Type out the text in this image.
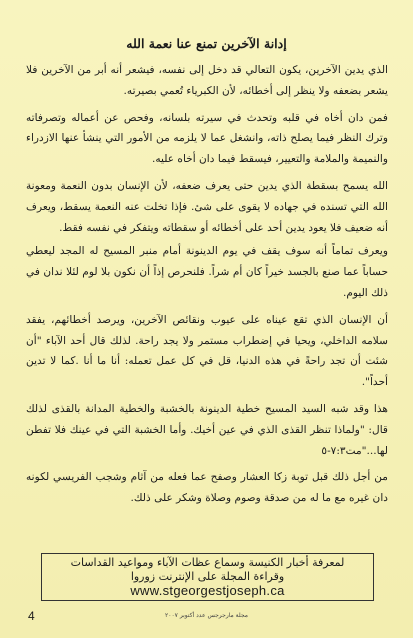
إدانة الآخرين تمنع عنا نعمة الله

الذي يدين الآخرين، يكون التعالي قد دخل إلى نفسه، فيشعر أنه أبر من الآخرين فلا يشعر بضعفه ولا ينظر إلى أخطائه، لأن الكبرياء تُعمي بصيرته.

فمن دان أخاه في قلبه وتحدث في سيرته بلسانه، وفحص عن أعماله وتصرفاته وترك النظر فيما يصلح ذاته، وانشغل عما لا يلزمه من الأمور التي ينشأ عنها الازدراء والنميمة والملامة والتعيير، فيسقط فيما دان أخاه عليه.

الله يسمح بسقطة الذي يدين حتى يعرف ضعفه، لأن الإنسان بدون النعمة ومعونة الله التي تسنده في جهاده لا يقوى على شئ. فإذا تخلت عنه النعمة يسقط، ويعرف أنه ضعيف فلا يعود يدين أحد على أخطائه أو سقطاته ويتفكر في نفسه فقط.

ويعرف تماماً أنه سوف يقف في يوم الدينونة أمام منبر المسيح له المجد ليعطي حساباً عما صنع بالجسد خيراً كان أم شراً. فلنحرص إذاً أن نكون بلا لوم لئلا ندان في ذلك اليوم.

أن الإنسان الذي تقع عيناه على عيوب ونقائص الآخرين، ويرصد أخطائهم، يفقد سلامه الداخلي، ويحيا في إضطراب مستمر ولا يجد راحة. لذلك قال أحد الآباء "أن شئت أن تجد راحةً في هذه الدنيا، قل في كل عمل تعمله: أنا ما أنا .كما لا تدين أحداً".

هذا وقد شبه السيد المسيح خطية الدينونة بالخشبة والخطية المدانة بالقذى لذلك قال: "ولماذا تنظر القذى الذي في عين أخيك. وأما الخشبة التي في عينك فلا تفطن لها..."مت٧:٣-٥

من أجل ذلك قبل توبة زكا العشار وصفح عما فعله من آثام وشجب الفريسي لكونه دان غيره مع ما له من صدقة وصوم وصلاة وشكر على ذلك.

لمعرفة أخبار الكنيسة وسماع عظات الآباء ومواعيد القداسات
وقراءة المجلة على الإنترنت زوروا
www.stgeorgestjoseph.ca
4	مجلة مارجرجس عدد أكتوبر ٢٠٠٧
